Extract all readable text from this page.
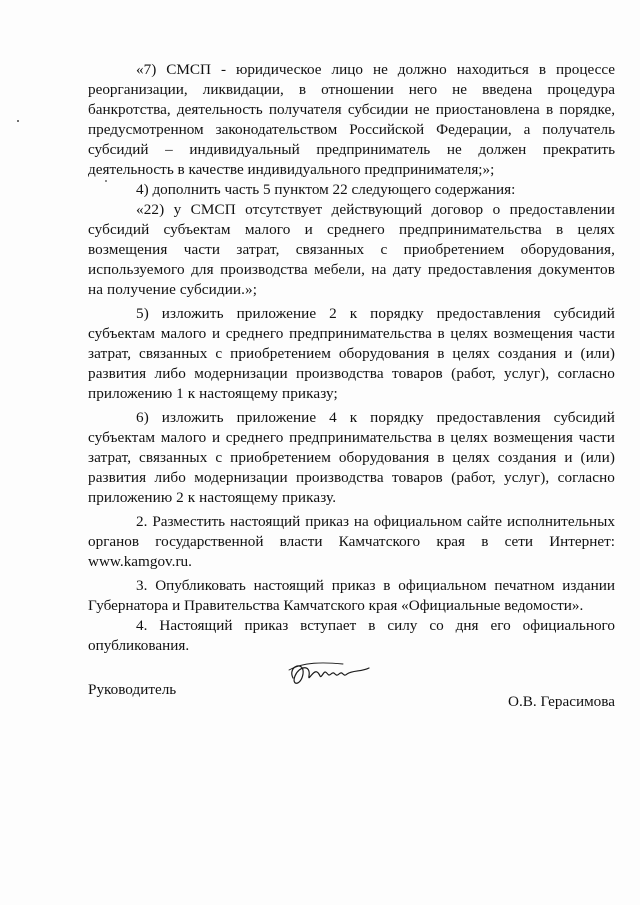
«7) СМСП - юридическое лицо не должно находиться в процессе реорганизации, ликвидации, в отношении него не введена процедура банкротства, деятельность получателя субсидии не приостановлена в порядке, предусмотренном законодательством Российской Федерации, а получатель субсидий – индивидуальный предприниматель не должен прекратить деятельность в качестве индивидуального предпринимателя;»;

4) дополнить часть 5 пунктом 22 следующего содержания:

«22) у СМСП отсутствует действующий договор о предоставлении субсидий субъектам малого и среднего предпринимательства в целях возмещения части затрат, связанных с приобретением оборудования, используемого для производства мебели, на дату предоставления документов на получение субсидии.»;

5) изложить приложение 2 к порядку предоставления субсидий субъектам малого и среднего предпринимательства в целях возмещения части затрат, связанных с приобретением оборудования в целях создания и (или) развития либо модернизации производства товаров (работ, услуг), согласно приложению 1 к настоящему приказу;

6) изложить приложение 4 к порядку предоставления субсидий субъектам малого и среднего предпринимательства в целях возмещения части затрат, связанных с приобретением оборудования в целях создания и (или) развития либо модернизации производства товаров (работ, услуг), согласно приложению 2 к настоящему приказу.

2. Разместить настоящий приказ на официальном сайте исполнительных органов государственной власти Камчатского края в сети Интернет: www.kamgov.ru.

3. Опубликовать настоящий приказ в официальном печатном издании Губернатора и Правительства Камчатского края «Официальные ведомости».

4. Настоящий приказ вступает в силу со дня его официального опубликования.

Руководитель
О.В. Герасимова
